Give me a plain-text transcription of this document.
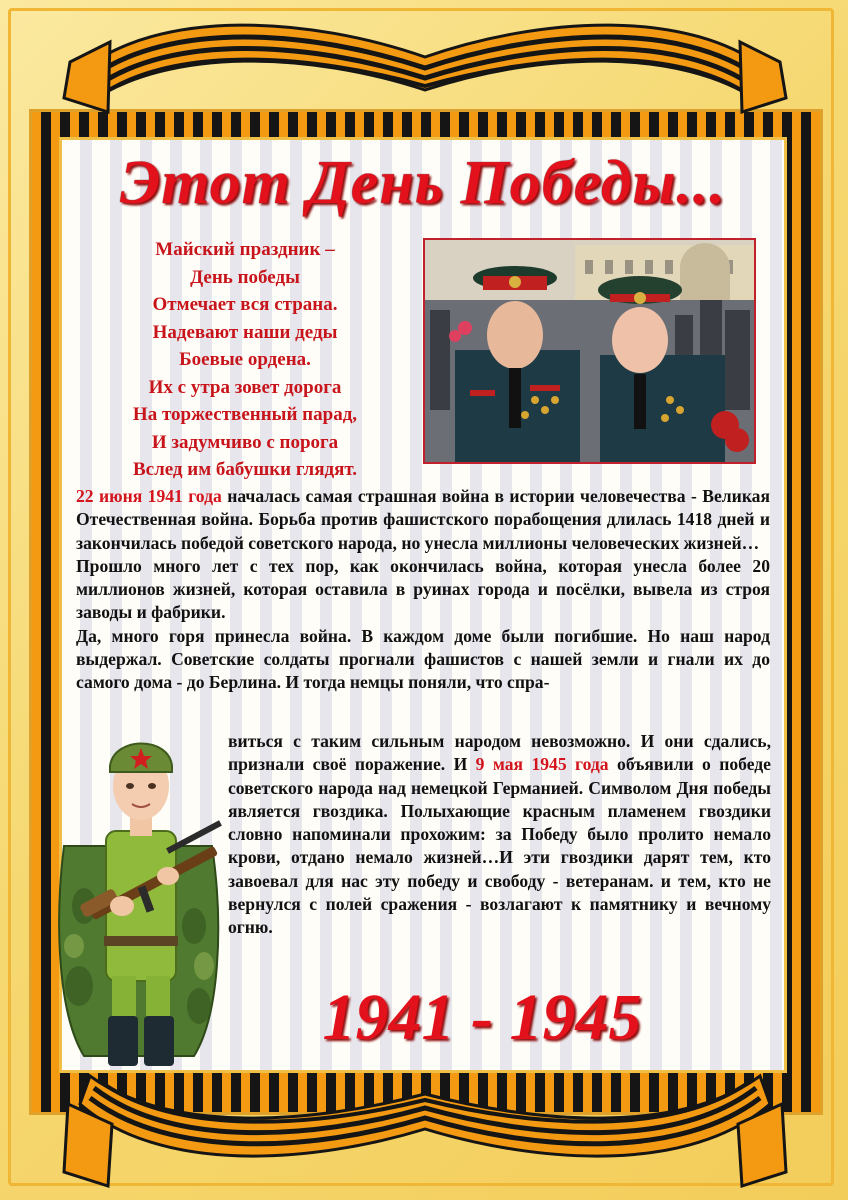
Этот День Победы...
Майский праздник –
День победы
Отмечает вся страна.
Надевают наши деды
Боевые ордена.
Их с утра зовет дорога
На торжественный парад,
И задумчиво с порога
Вслед им бабушки глядят.

22 июня 1941 года началась самая страшная война в истории человечества - Великая Отечественная война. Борьба против фашистского порабощения длилась 1418 дней и закончилась победой советского народа, но унесла миллионы человеческих жизней…

Прошло много лет с тех пор, как окончилась война, которая унесла более 20 миллионов жизней, которая оставила в руинах города и посёлки, вывела из строя заводы и фабрики.

Да, много горя принесла война. В каждом доме были погибшие. Но наш народ выдержал. Советские солдаты прогнали фашистов с нашей земли и гнали их до самого дома - до Берлина. И тогда немцы поняли, что спра-

виться с таким сильным народом невозможно. И они сдались, признали своё поражение. И 9 мая 1945 года объявили о победе советского народа над немецкой Германией. Символом Дня победы является гвоздика. Полыхающие красным пламенем гвоздики словно напоминали прохожим: за Победу было пролито немало крови, отдано немало жизней…И эти гвоздики дарят тем, кто завоевал для нас эту победу и свободу - ветеранам. и тем, кто не вернулся с полей сражения - возлагают к памятнику и вечному огню.

1941 - 1945
